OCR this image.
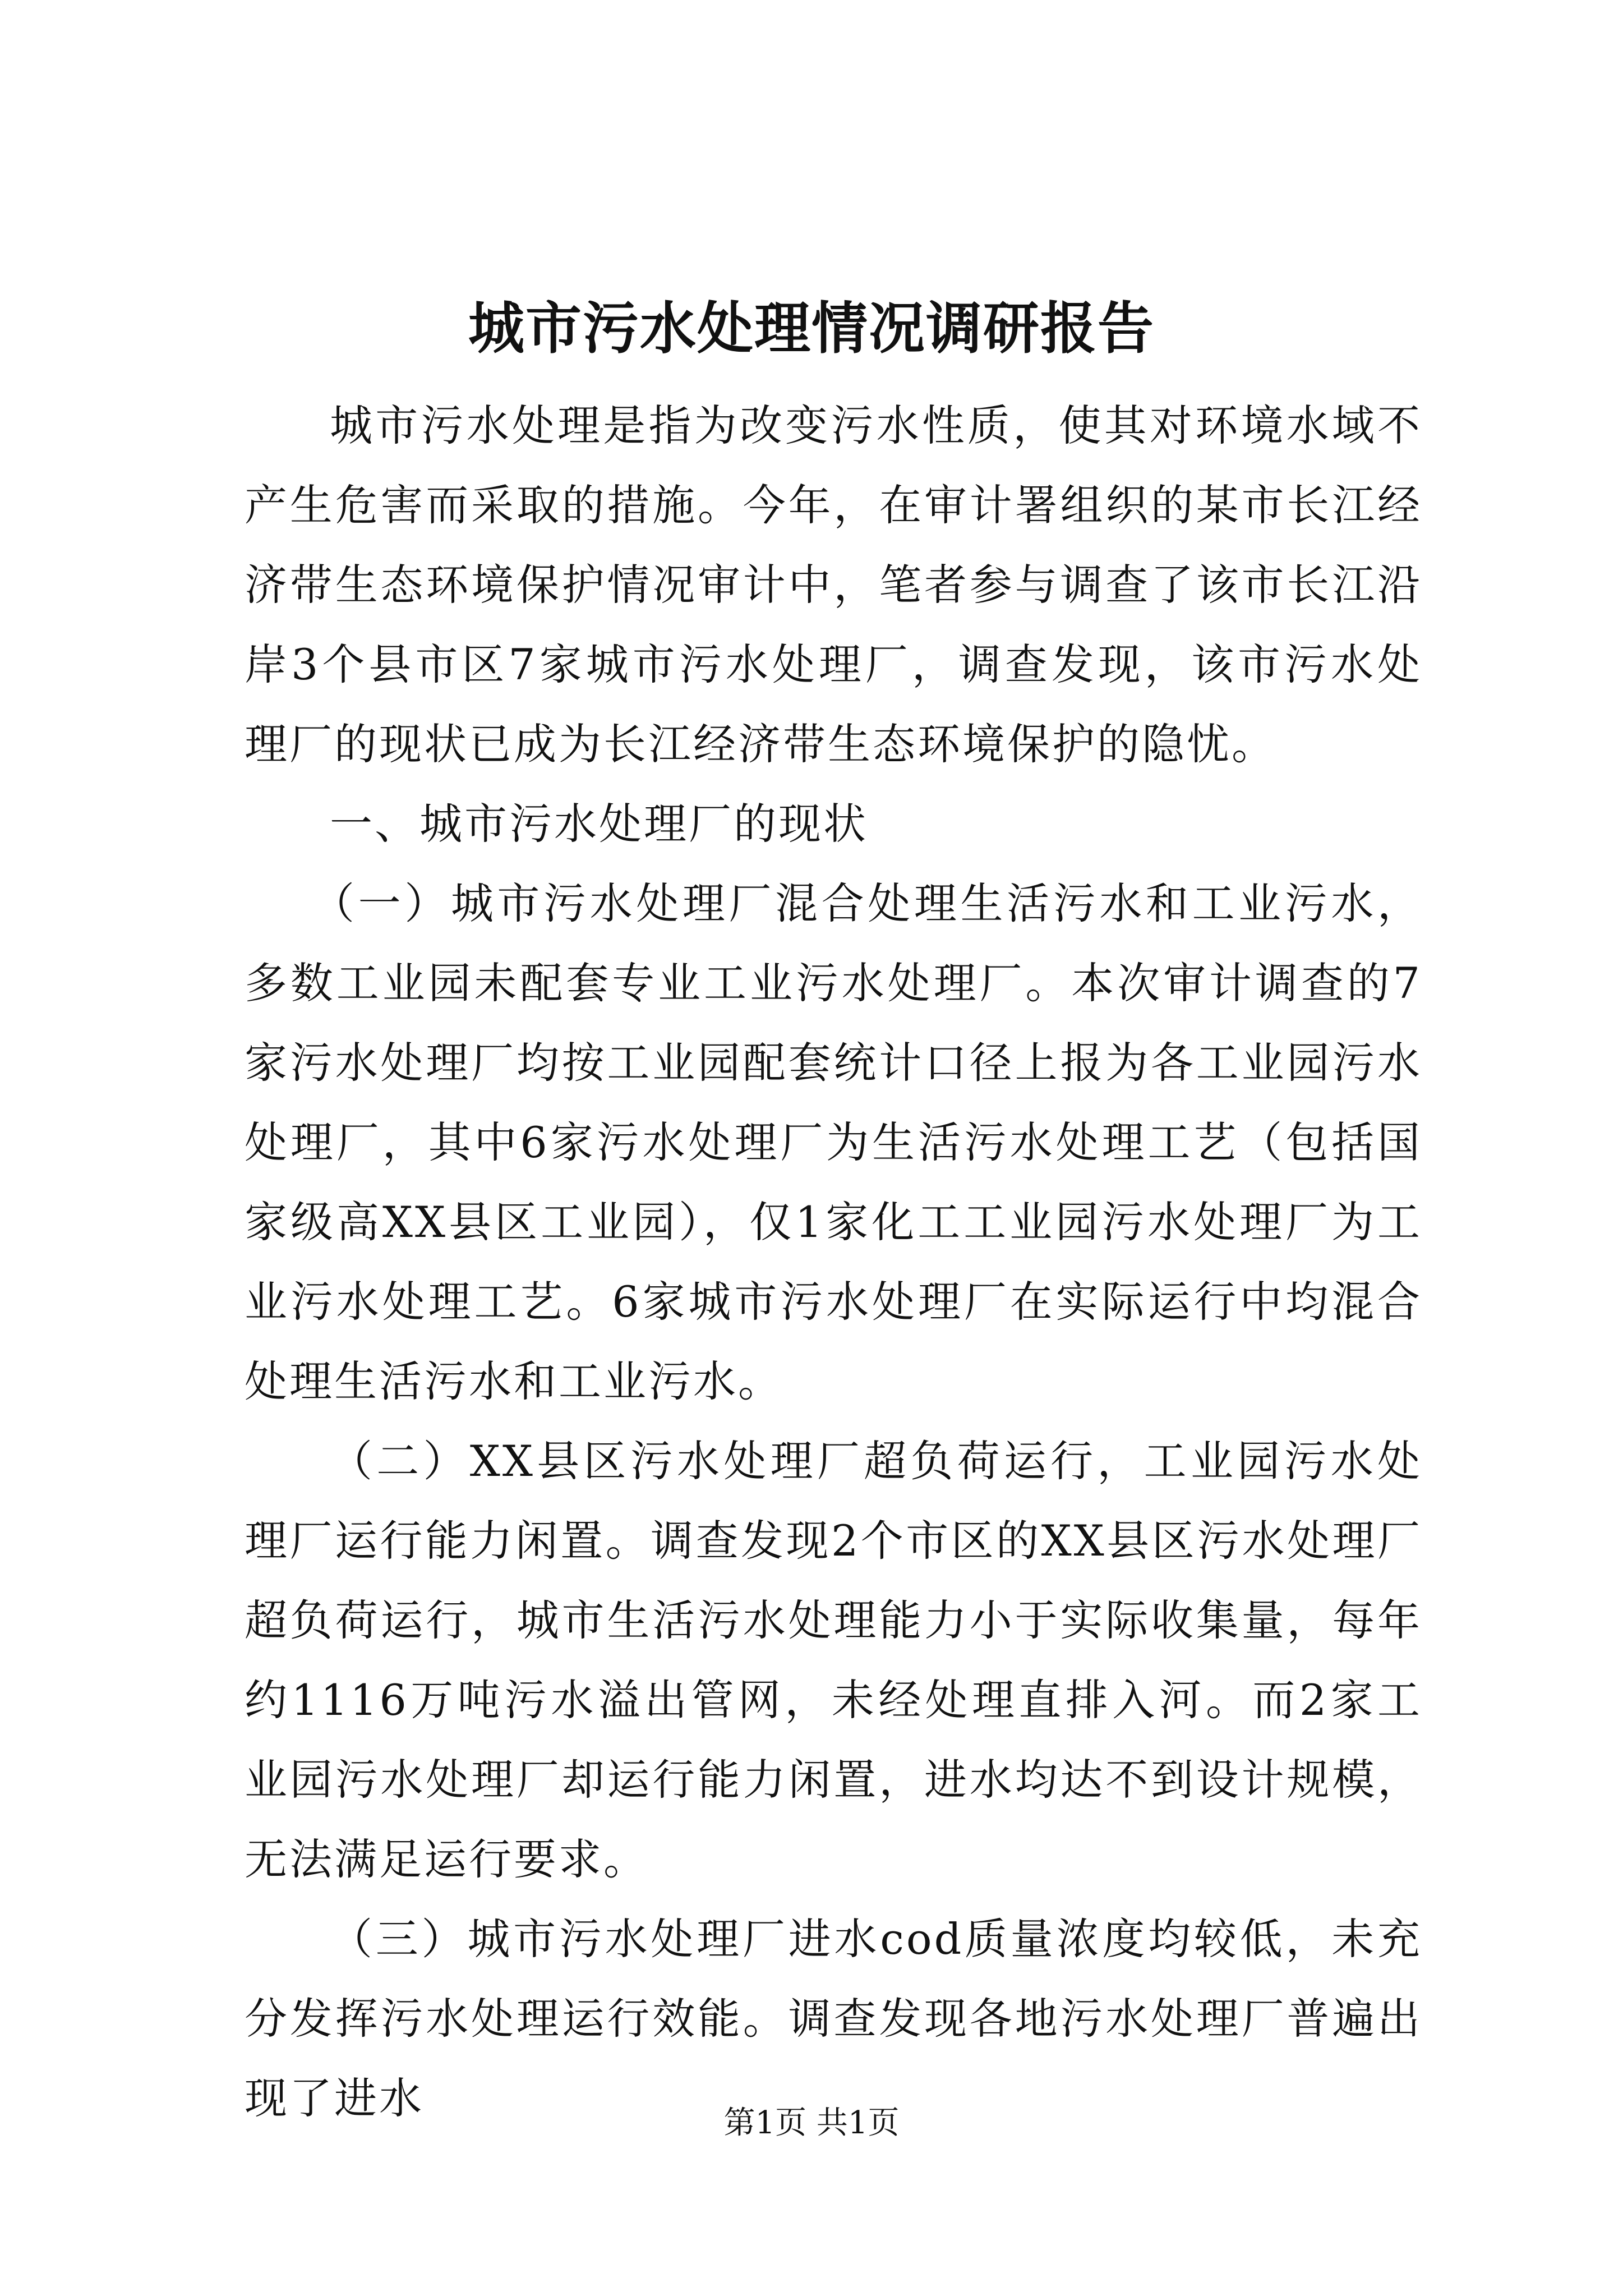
城市污水处理情况调研报告

城市污水处理是指为改变污水性质，使其对环境水域不产生危害而采取的措施。今年，在审计署组织的某市长江经济带生态环境保护情况审计中，笔者参与调查了该市长江沿岸3个县市区7家城市污水处理厂，调查发现，该市污水处理厂的现状已成为长江经济带生态环境保护的隐忧。

一、城市污水处理厂的现状

（一）城市污水处理厂混合处理生活污水和工业污水，多数工业园未配套专业工业污水处理厂。本次审计调查的7家污水处理厂均按工业园配套统计口径上报为各工业园污水处理厂，其中6家污水处理厂为生活污水处理工艺（包括国家级高XX县区工业园），仅1家化工工业园污水处理厂为工业污水处理工艺。6家城市污水处理厂在实际运行中均混合处理生活污水和工业污水。

（二）XX县区污水处理厂超负荷运行，工业园污水处理厂运行能力闲置。调查发现2个市区的XX县区污水处理厂超负荷运行，城市生活污水处理能力小于实际收集量，每年约1116万吨污水溢出管网，未经处理直排入河。而2家工业园污水处理厂却运行能力闲置，进水均达不到设计规模，无法满足运行要求。

（三）城市污水处理厂进水cod质量浓度均较低，未充分发挥污水处理运行效能。调查发现各地污水处理厂普遍出现了进水	第1页 共1页
